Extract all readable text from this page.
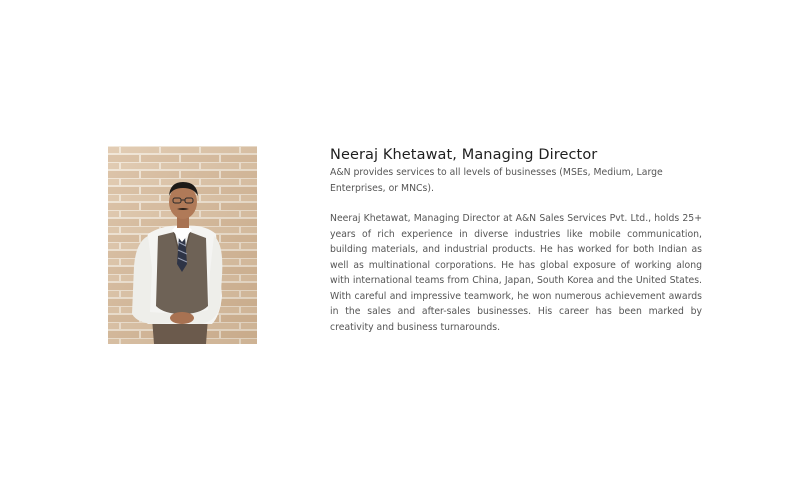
Neeraj Khetawat, Managing Director

A&N provides services to all levels of businesses (MSEs, Medium, Large Enterprises, or MNCs).

Neeraj Khetawat, Managing Director at A&N Sales Services Pvt. Ltd., holds 25+ years of rich experience in diverse industries like mobile communication, building materials, and industrial products. He has worked for both Indian as well as multinational corporations. He has global exposure of working along with international teams from China, Japan, South Korea and the United States. With careful and impressive teamwork, he won numerous achievement awards in the sales and after-sales businesses. His career has been marked by creativity and business turnarounds.
